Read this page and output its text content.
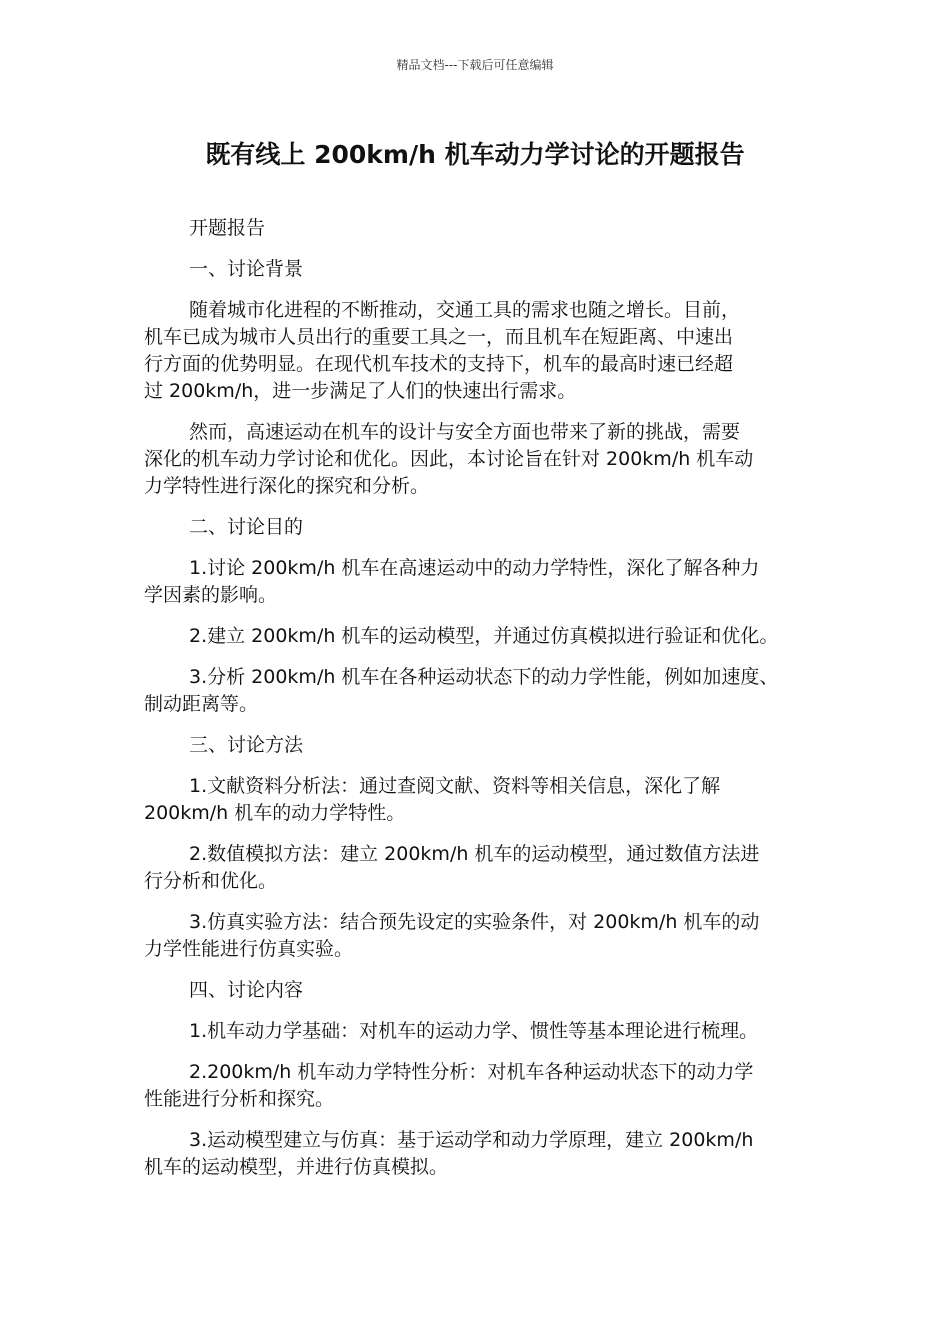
精品文档---下载后可任意编辑
既有线上 200km/h 机车动力学讨论的开题报告

开题报告

一、讨论背景

随着城市化进程的不断推动，交通工具的需求也随之增长。目前，
机车已成为城市人员出行的重要工具之一，而且机车在短距离、中速出
行方面的优势明显。在现代机车技术的支持下，机车的最高时速已经超
过 200km/h，进一步满足了人们的快速出行需求。

然而，高速运动在机车的设计与安全方面也带来了新的挑战，需要
深化的机车动力学讨论和优化。因此，本讨论旨在针对 200km/h 机车动
力学特性进行深化的探究和分析。

二、讨论目的

1.讨论 200km/h 机车在高速运动中的动力学特性，深化了解各种力
学因素的影响。

2.建立 200km/h 机车的运动模型，并通过仿真模拟进行验证和优化。

3.分析 200km/h 机车在各种运动状态下的动力学性能，例如加速度、
制动距离等。

三、讨论方法

1.文献资料分析法：通过查阅文献、资料等相关信息，深化了解
200km/h 机车的动力学特性。

2.数值模拟方法：建立 200km/h 机车的运动模型，通过数值方法进
行分析和优化。

3.仿真实验方法：结合预先设定的实验条件，对 200km/h 机车的动
力学性能进行仿真实验。

四、讨论内容

1.机车动力学基础：对机车的运动力学、惯性等基本理论进行梳理。

2.200km/h 机车动力学特性分析：对机车各种运动状态下的动力学
性能进行分析和探究。

3.运动模型建立与仿真：基于运动学和动力学原理，建立 200km/h
机车的运动模型，并进行仿真模拟。
